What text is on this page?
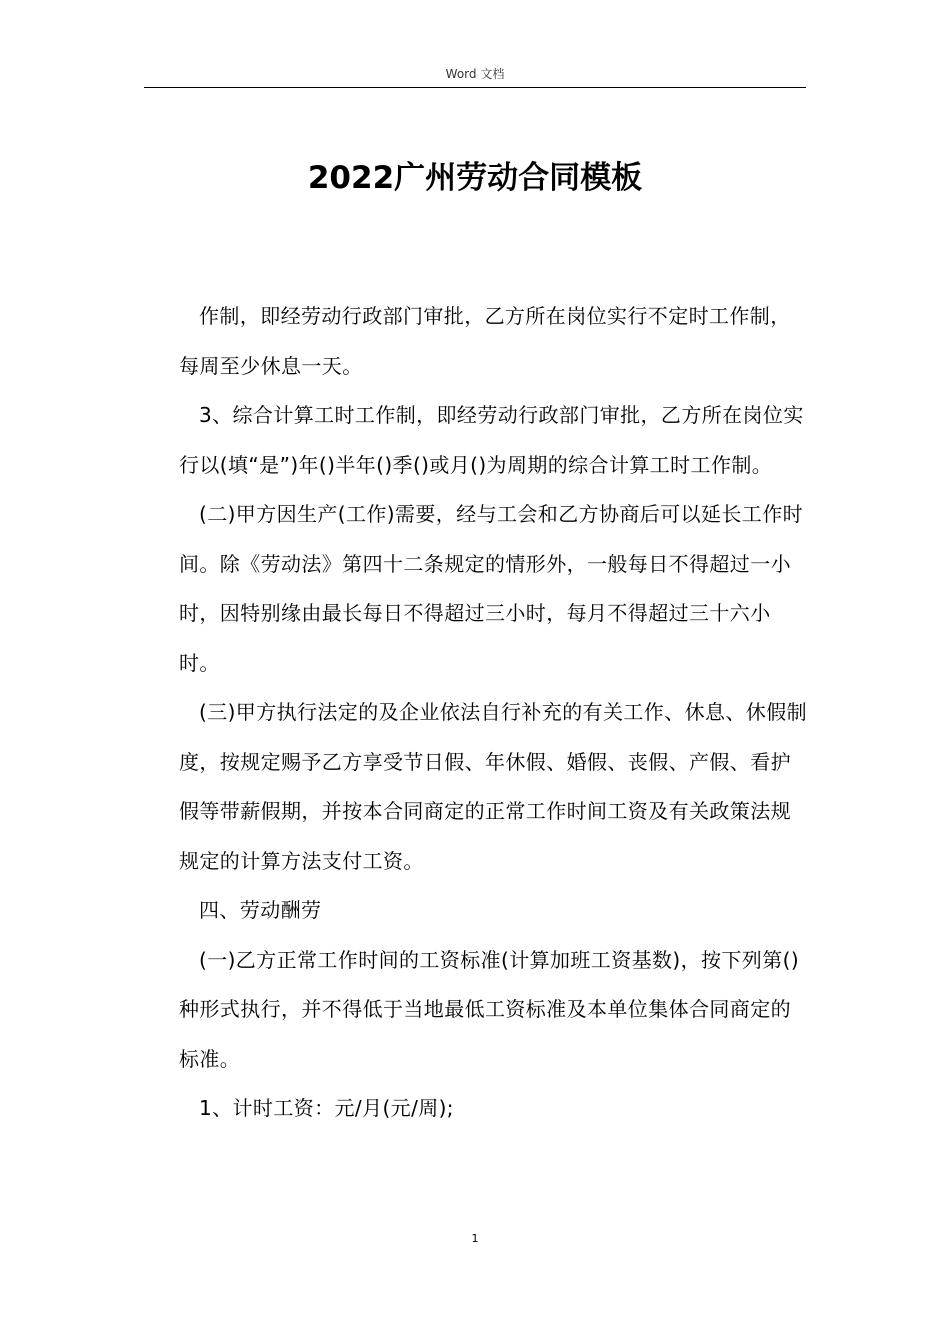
Word 文档
2022广州劳动合同模板

作制，即经劳动行政部门审批，乙方所在岗位实行不定时工作制，每周至少休息一天。

3、综合计算工时工作制，即经劳动行政部门审批，乙方所在岗位实行以(填“是”)年()半年()季()或月()为周期的综合计算工时工作制。

(二)甲方因生产(工作)需要，经与工会和乙方协商后可以延长工作时间。除《劳动法》第四十二条规定的情形外，一般每日不得超过一小时，因特别缘由最长每日不得超过三小时，每月不得超过三十六小时。

(三)甲方执行法定的及企业依法自行补充的有关工作、休息、休假制度，按规定赐予乙方享受节日假、年休假、婚假、丧假、产假、看护假等带薪假期，并按本合同商定的正常工作时间工资及有关政策法规规定的计算方法支付工资。

四、劳动酬劳

(一)乙方正常工作时间的工资标准(计算加班工资基数)，按下列第()种形式执行，并不得低于当地最低工资标准及本单位集体合同商定的标准。

1、计时工资：元/月(元/周);

1
